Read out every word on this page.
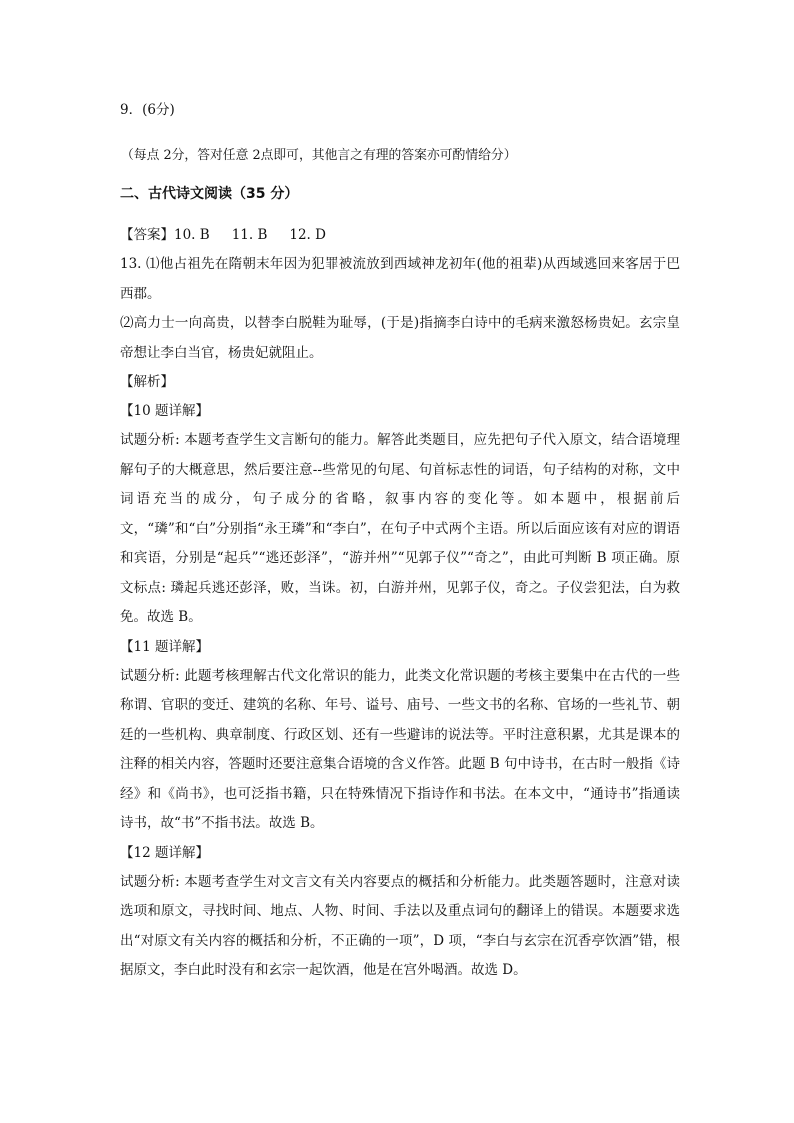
9．(6分)

（每点 2分，答对任意 2点即可，其他言之有理的答案亦可酌情给分）

二、古代诗文阅读（35 分）

【答案】10. B 11. B 12. D

13. ⑴他占祖先在隋朝末年因为犯罪被流放到西域神龙初年(他的祖辈)从西域逃回来客居于巴西郡。

⑵高力士一向高贵，以替李白脱鞋为耻辱，(于是)指摘李白诗中的毛病来激怒杨贵妃。玄宗皇帝想让李白当官，杨贵妃就阻止。

【解析】

【10 题详解】

试题分析: 本题考查学生文言断句的能力。解答此类题目，应先把句子代入原文，结合语境理解句子的大概意思，然后要注意--些常见的句尾、句首标志性的词语，句子结构的对称，文中词语充当的成分，句子成分的省略，叙事内容的变化等。如本题中，根据前后文，“璘”和“白”分别指“永王璘”和“李白”，在句子中式两个主语。所以后面应该有对应的谓语和宾语，分别是“起兵”“逃还彭泽”，“游并州”“见郭子仪”“奇之”，由此可判断 B 项正确。原文标点: 璘起兵逃还彭泽，败，当诛。初，白游并州，见郭子仪，奇之。子仪尝犯法，白为救免。故选 B。

【11 题详解】

试题分析: 此题考核理解古代文化常识的能力，此类文化常识题的考核主要集中在古代的一些称谓、官职的变迁、建筑的名称、年号、谥号、庙号、一些文书的名称、官场的一些礼节、朝廷的一些机构、典章制度、行政区划、还有一些避讳的说法等。平时注意积累，尤其是课本的注释的相关内容，答题时还要注意集合语境的含义作答。此题 B 句中诗书，在古时一般指《诗经》和《尚书》，也可泛指书籍，只在特殊情况下指诗作和书法。在本文中，“通诗书”指通读诗书，故“书”不指书法。故选 B。

【12 题详解】

试题分析: 本题考查学生对文言文有关内容要点的概括和分析能力。此类题答题时，注意对读选项和原文，寻找时间、地点、人物、时间、手法以及重点词句的翻译上的错误。本题要求选出“对原文有关内容的概括和分析，不正确的一项”，D 项，“李白与玄宗在沉香亭饮酒”错，根据原文，李白此时没有和玄宗一起饮酒，他是在宫外喝酒。故选 D。
